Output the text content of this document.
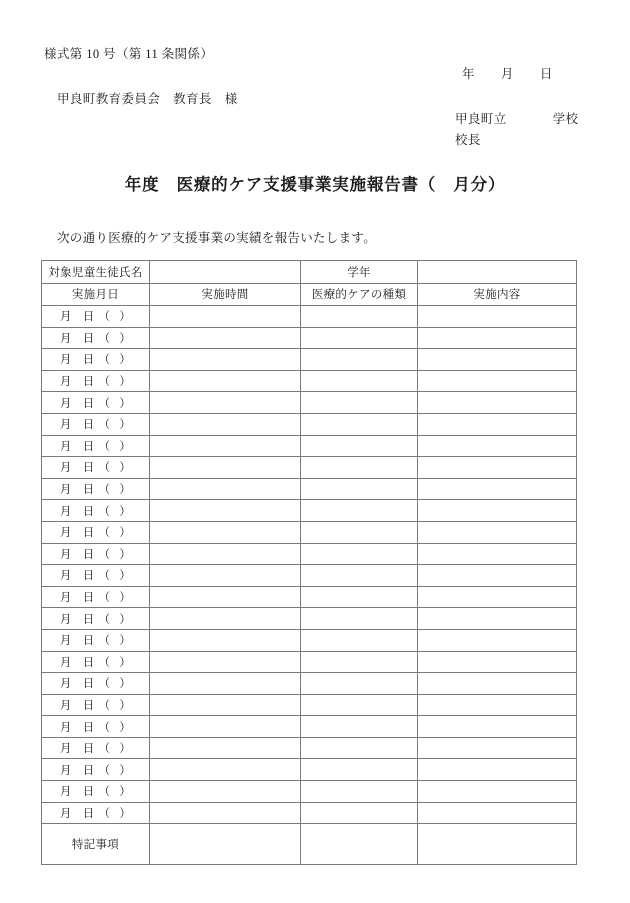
様式第 10 号（第 11 条関係）
年 月 日
甲良町教育委員会　教育長　様
甲良町立	学校
校長
年度　医療的ケア支援事業実施報告書（　月分）
次の通り医療的ケア支援事業の実績を報告いたします。
対象児童生徒氏名		学年	
実施月日	実施時間	医療的ケアの種類	実施内容
月 日 （ ）			
月 日 （ ）			
月 日 （ ）			
月 日 （ ）			
月 日 （ ）			
月 日 （ ）			
月 日 （ ）			
月 日 （ ）			
月 日 （ ）			
月 日 （ ）			
月 日 （ ）			
月 日 （ ）			
月 日 （ ）			
月 日 （ ）			
月 日 （ ）			
月 日 （ ）			
月 日 （ ）			
月 日 （ ）			
月 日 （ ）			
月 日 （ ）			
月 日 （ ）			
月 日 （ ）			
月 日 （ ）			
月 日 （ ）			
特記事項			
